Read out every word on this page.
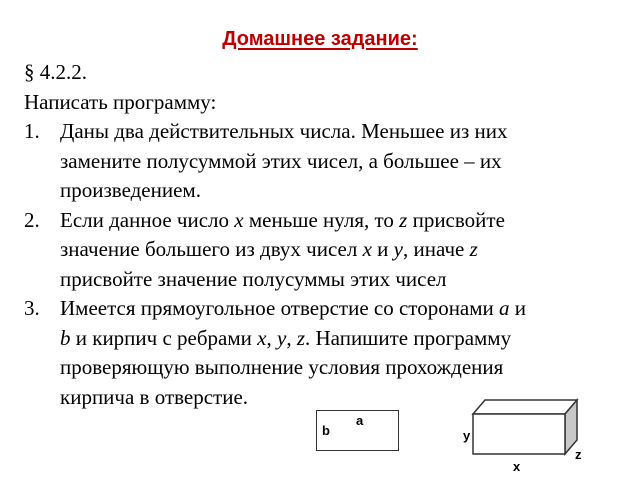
Домашнее задание:

§ 4.2.2.

Написать программу:

1. Даны два действительных числа. Меньшее из них
замените полусуммой этих чисел, а большее – их
произведением.
2. Если данное число x меньше нуля, то z присвойте
значение большего из двух чисел x и y, иначе z
присвойте значение полусуммы этих чисел
3. Имеется прямоугольное отверстие со сторонами a и
b и кирпич с ребрами x, y, z. Напишите программу
проверяющую выполнение условия прохождения
кирпича в отверстие.
a
b	y
z
x
